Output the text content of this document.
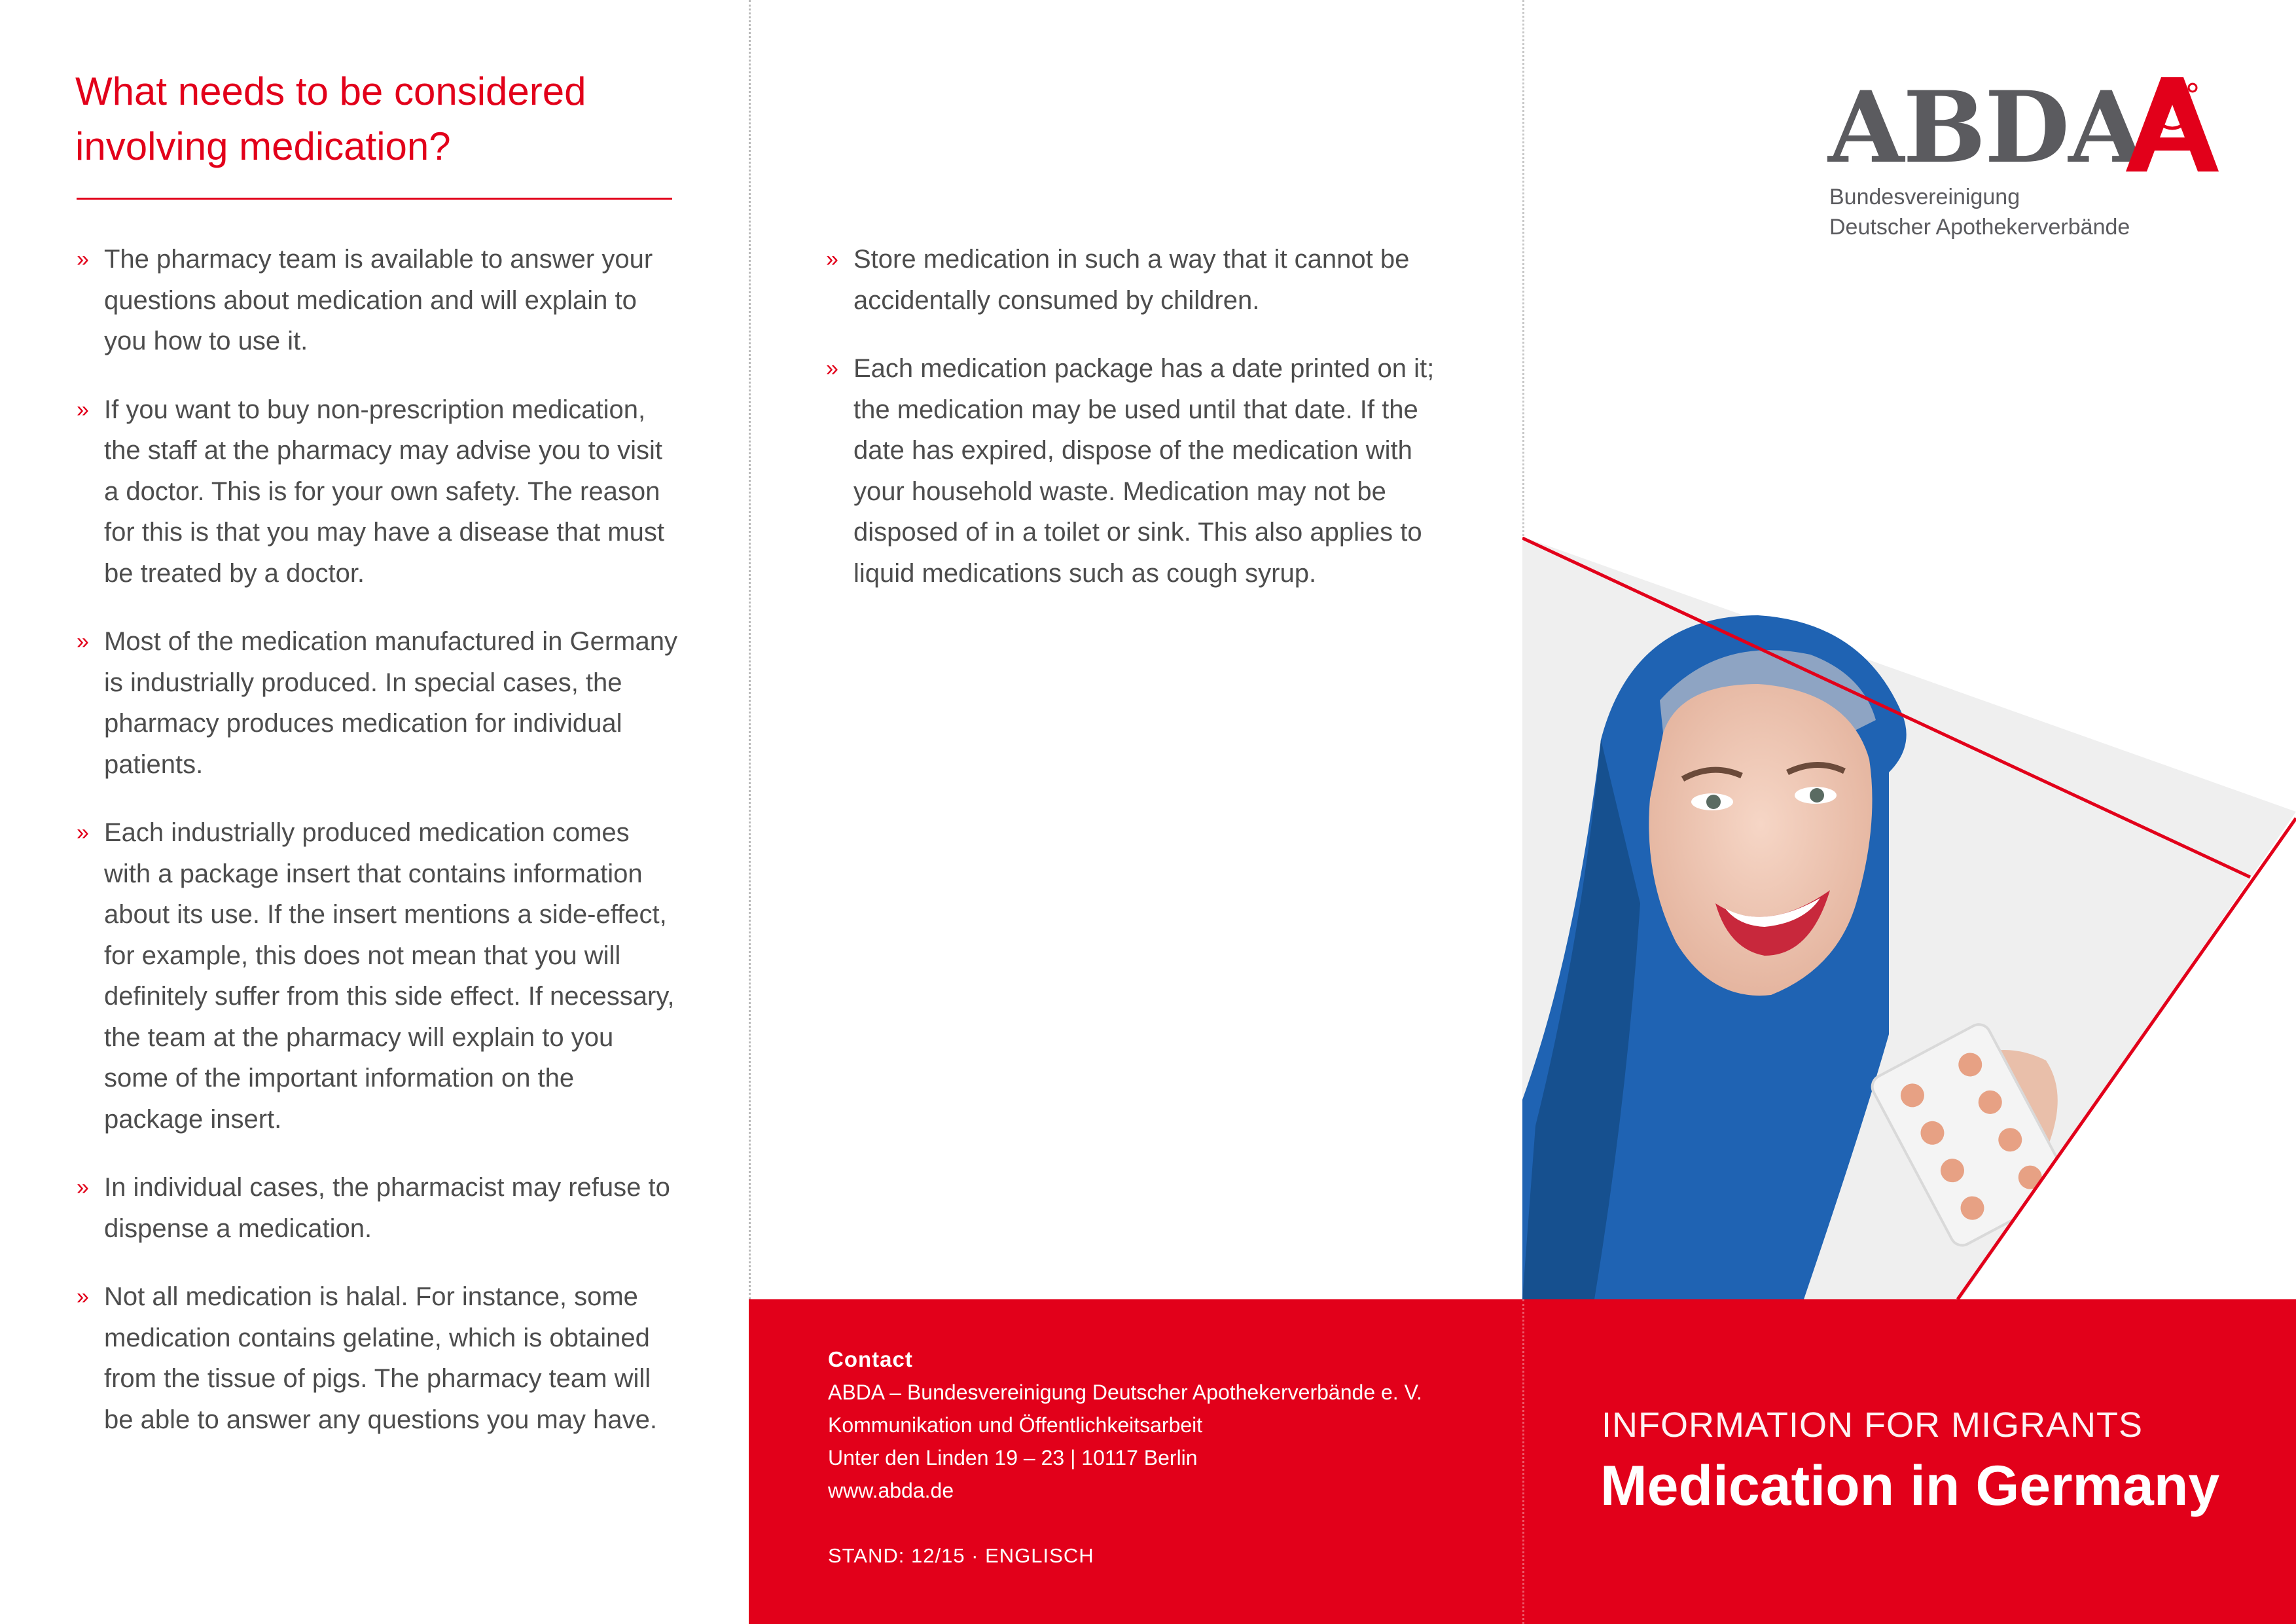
What needs to be considered
involving medication?
» The pharmacy team is available to answer your questions about medication and will explain to you how to use it.
» If you want to buy non-prescription medication, the staff at the pharmacy may advise you to visit a doctor. This is for your own safety. The reason for this is that you may have a disease that must be treated by a doctor.
» Most of the medication manufactured in Germany is industrially produced. In special cases, the pharmacy produces medication for individual patients.
» Each industrially produced medication comes with a package insert that contains information about its use. If the insert mentions a side-effect, for example, this does not mean that you will definitely suffer from this side effect. If necessary, the team at the pharmacy will explain to you some of the important information on the package insert.
» In individual cases, the pharmacist may refuse to dispense a medication.
» Not all medication is halal. For instance, some medication contains gelatine, which is obtained from the tissue of pigs. The pharmacy team will be able to answer any questions you may have.
» Store medication in such a way that it cannot be accidentally consumed by children.
» Each medication package has a date printed on it; the medication may be used until that date. If the date has expired, dispose of the medication with your household waste. Medication may not be disposed of in a toilet or sink. This also applies to liquid medications such as cough syrup.
ABDA
Bundesvereinigung
Deutscher Apothekerverbände
Contact
ABDA – Bundesvereinigung Deutscher Apothekerverbände e. V.
Kommunikation und Öffentlichkeitsarbeit
Unter den Linden 19 – 23 | 10117 Berlin
www.abda.de
STAND: 12/15 · ENGLISCH
INFORMATION FOR MIGRANTS
Medication in Germany
